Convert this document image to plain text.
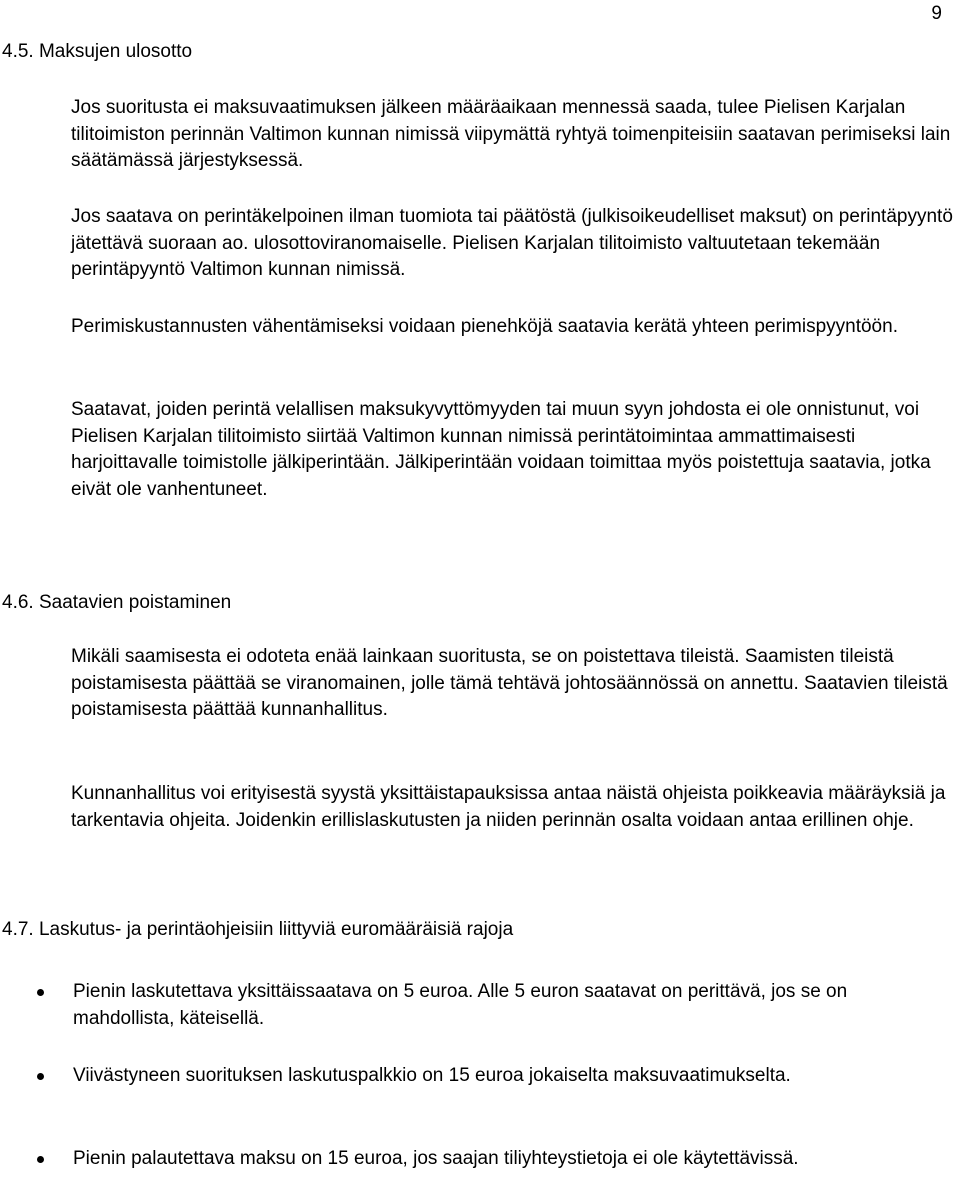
9
4.5. Maksujen ulosotto

Jos suoritusta ei maksuvaatimuksen jälkeen määräaikaan mennessä saada, tulee Pielisen Karjalan tilitoimiston perinnän Valtimon kunnan nimissä viipymättä ryhtyä toimenpiteisiin saatavan perimiseksi lain säätämässä järjestyksessä.

Jos saatava on perintäkelpoinen ilman tuomiota tai päätöstä (julkisoikeudelliset maksut) on perintäpyyntö jätettävä suoraan ao. ulosottoviranomaiselle. Pielisen Karjalan tilitoimisto valtuutetaan tekemään perintäpyyntö Valtimon kunnan nimissä.

Perimiskustannusten vähentämiseksi voidaan pienehköjä saatavia kerätä yhteen perimispyyntöön.

Saatavat, joiden perintä velallisen maksukyvyttömyyden tai muun syyn johdosta ei ole onnistunut, voi Pielisen Karjalan tilitoimisto siirtää Valtimon kunnan nimissä perintätoimintaa ammattimaisesti harjoittavalle toimistolle jälkiperintään. Jälkiperintään voidaan toimittaa myös poistettuja saatavia, jotka eivät ole vanhentuneet.

4.6. Saatavien poistaminen

Mikäli saamisesta ei odoteta enää lainkaan suoritusta, se on poistettava tileistä. Saamisten tileistä poistamisesta päättää se viranomainen, jolle tämä tehtävä johtosäännössä on annettu. Saatavien tileistä poistamisesta päättää kunnanhallitus.

Kunnanhallitus voi erityisestä syystä yksittäistapauksissa antaa näistä ohjeista poikkeavia määräyksiä ja tarkentavia ohjeita. Joidenkin erillislaskutusten ja niiden perinnän osalta voidaan antaa erillinen ohje.

4.7. Laskutus- ja perintäohjeisiin liittyviä euromääräisiä rajoja
Pienin laskutettava yksittäissaatava on 5 euroa. Alle 5 euron saatavat on perittävä, jos se on mahdollista, käteisellä.
Viivästyneen suorituksen laskutuspalkkio on 15 euroa jokaiselta maksuvaatimukselta.
Pienin palautettava maksu on 15 euroa, jos saajan tiliyhteystietoja ei ole käytettävissä.
